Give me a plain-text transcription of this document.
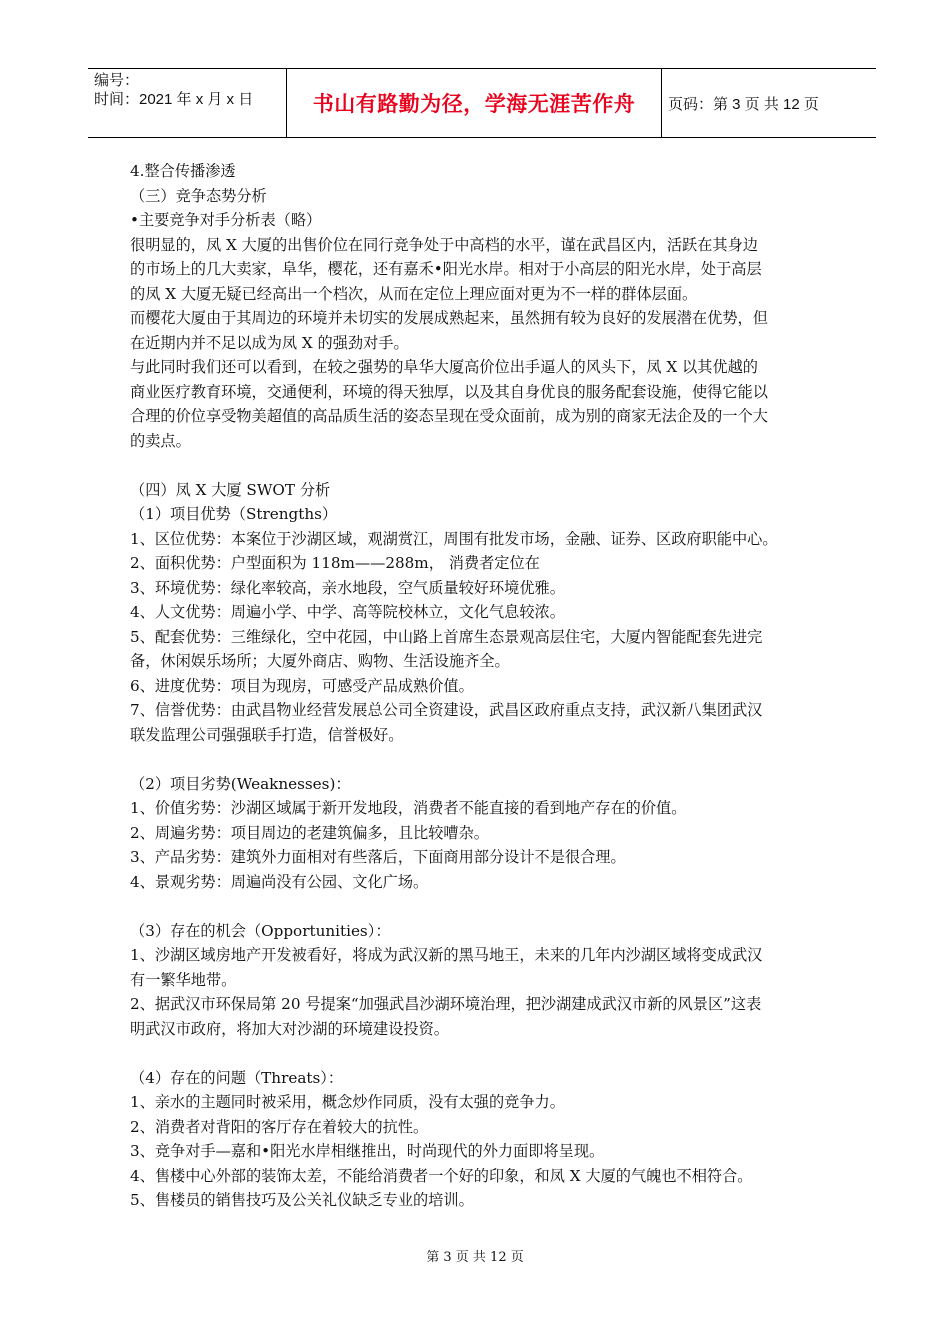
编号：
时间：2021 年 x 月 x 日	书山有路勤为径，学海无涯苦作舟 页码：第 3 页 共 12 页

4.整合传播渗透

（三）竞争态势分析

•主要竞争对手分析表（略）

很明显的，凤 X 大厦的出售价位在同行竞争处于中高档的水平，谨在武昌区内，活跃在其身边

的市场上的几大卖家，阜华，樱花，还有嘉禾•阳光水岸。相对于小高层的阳光水岸，处于高层

的凤 X 大厦无疑已经高出一个档次，从而在定位上理应面对更为不一样的群体层面。

而樱花大厦由于其周边的环境并未切实的发展成熟起来，虽然拥有较为良好的发展潜在优势，但

在近期内并不足以成为凤 X 的强劲对手。

与此同时我们还可以看到，在较之强势的阜华大厦高价位出手逼人的风头下，凤 X 以其优越的

商业医疗教育环境，交通便利，环境的得天独厚，以及其自身优良的服务配套设施，使得它能以

合理的价位享受物美超值的高品质生活的姿态呈现在受众面前，成为别的商家无法企及的一个大

的卖点。

（四）凤 X 大厦 SWOT 分析

（1）项目优势（Strengths）

1、区位优势：本案位于沙湖区域，观湖赏江，周围有批发市场，金融、证券、区政府职能中心。

2、面积优势：户型面积为 118m——288m， 消费者定位在

3、环境优势：绿化率较高，亲水地段，空气质量较好环境优雅。

4、人文优势：周遍小学、中学、高等院校林立，文化气息较浓。

5、配套优势：三维绿化，空中花园，中山路上首席生态景观高层住宅，大厦内智能配套先进完

备，休闲娱乐场所；大厦外商店、购物、生活设施齐全。

6、进度优势：项目为现房，可感受产品成熟价值。

7、信誉优势：由武昌物业经营发展总公司全资建设，武昌区政府重点支持，武汉新八集团武汉

联发监理公司强强联手打造，信誉极好。

（2）项目劣势(Weaknesses)：

1、价值劣势：沙湖区域属于新开发地段，消费者不能直接的看到地产存在的价值。

2、周遍劣势：项目周边的老建筑偏多，且比较嘈杂。

3、产品劣势：建筑外力面相对有些落后，下面商用部分设计不是很合理。

4、景观劣势：周遍尚没有公园、文化广场。

（3）存在的机会（Opportunities）：

1、沙湖区域房地产开发被看好，将成为武汉新的黑马地王，未来的几年内沙湖区域将变成武汉

有一繁华地带。

2、据武汉市环保局第 20 号提案“加强武昌沙湖环境治理，把沙湖建成武汉市新的风景区”这表

明武汉市政府，将加大对沙湖的环境建设投资。

（4）存在的问题（Threats）：

1、亲水的主题同时被采用，概念炒作同质，没有太强的竞争力。

2、消费者对背阳的客厅存在着较大的抗性。

3、竞争对手—嘉和•阳光水岸相继推出，时尚现代的外力面即将呈现。

4、售楼中心外部的装饰太差，不能给消费者一个好的印象，和凤 X 大厦的气魄也不相符合。

5、售楼员的销售技巧及公关礼仪缺乏专业的培训。

第 3 页 共 12 页
